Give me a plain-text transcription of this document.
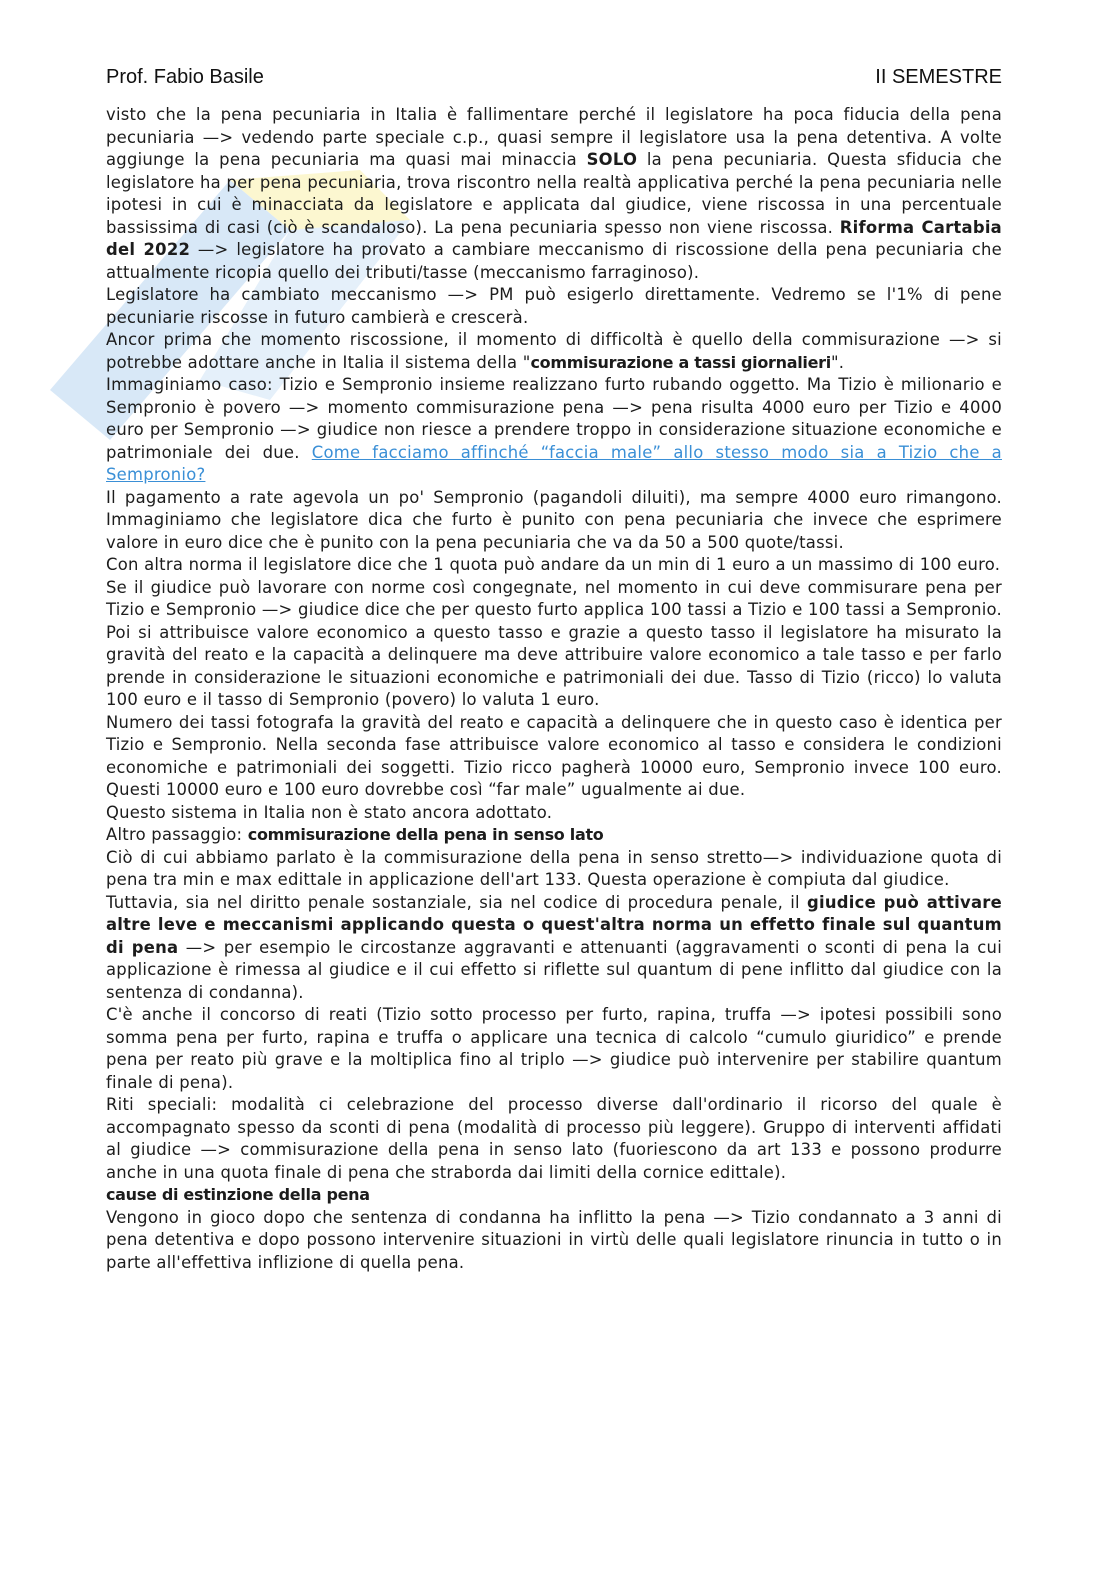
Prof. Fabio Basile	II SEMESTRE

visto che la pena pecuniaria in Italia è fallimentare perché il legislatore ha poca fiducia della pena pecuniaria —> vedendo parte speciale c.p., quasi sempre il legislatore usa la pena detentiva. A volte aggiunge la pena pecuniaria ma quasi mai minaccia SOLO la pena pecuniaria. Questa sfiducia che legislatore ha per pena pecuniaria, trova riscontro nella realtà applicativa perché la pena pecuniaria nelle ipotesi in cui è minacciata da legislatore e applicata dal giudice, viene riscossa in una percentuale bassissima di casi (ciò è scandaloso). La pena pecuniaria spesso non viene riscossa. Riforma Cartabia del 2022 —> legislatore ha provato a cambiare meccanismo di riscossione della pena pecuniaria che attualmente ricopia quello dei tributi/tasse (meccanismo farraginoso).

Legislatore ha cambiato meccanismo —> PM può esigerlo direttamente. Vedremo se l'1% di pene pecuniarie riscosse in futuro cambierà e crescerà.

Ancor prima che momento riscossione, il momento di difficoltà è quello della commisurazione —> si potrebbe adottare anche in Italia il sistema della "commisurazione a tassi giornalieri".

Immaginiamo caso: Tizio e Sempronio insieme realizzano furto rubando oggetto. Ma Tizio è milionario e Sempronio è povero —> momento commisurazione pena —> pena risulta 4000 euro per Tizio e 4000 euro per Sempronio —> giudice non riesce a prendere troppo in considerazione situazione economiche e patrimoniale dei due. Come facciamo affinché “faccia male” allo stesso modo sia a Tizio che a Sempronio?

Il pagamento a rate agevola un po' Sempronio (pagandoli diluiti), ma sempre 4000 euro rimangono. Immaginiamo che legislatore dica che furto è punito con pena pecuniaria che invece che esprimere valore in euro dice che è punito con la pena pecuniaria che va da 50 a 500 quote/tassi.

Con altra norma il legislatore dice che 1 quota può andare da un min di 1 euro a un massimo di 100 euro.

Se il giudice può lavorare con norme così congegnate, nel momento in cui deve commisurare pena per Tizio e Sempronio —> giudice dice che per questo furto applica 100 tassi a Tizio e 100 tassi a Sempronio. Poi si attribuisce valore economico a questo tasso e grazie a questo tasso il legislatore ha misurato la gravità del reato e la capacità a delinquere ma deve attribuire valore economico a tale tasso e per farlo prende in considerazione le situazioni economiche e patrimoniali dei due. Tasso di Tizio (ricco) lo valuta 100 euro e il tasso di Sempronio (povero) lo valuta 1 euro.

Numero dei tassi fotografa la gravità del reato e capacità a delinquere che in questo caso è identica per Tizio e Sempronio. Nella seconda fase attribuisce valore economico al tasso e considera le condizioni economiche e patrimoniali dei soggetti. Tizio ricco pagherà 10000 euro, Sempronio invece 100 euro. Questi 10000 euro e 100 euro dovrebbe così “far male” ugualmente ai due.

Questo sistema in Italia non è stato ancora adottato.

Altro passaggio: commisurazione della pena in senso lato

Ciò di cui abbiamo parlato è la commisurazione della pena in senso stretto—> individuazione quota di pena tra min e max edittale in applicazione dell'art 133. Questa operazione è compiuta dal giudice.

Tuttavia, sia nel diritto penale sostanziale, sia nel codice di procedura penale, il giudice può attivare altre leve e meccanismi applicando questa o quest'altra norma un effetto finale sul quantum di pena —> per esempio le circostanze aggravanti e attenuanti (aggravamenti o sconti di pena la cui applicazione è rimessa al giudice e il cui effetto si riflette sul quantum di pene inflitto dal giudice con la sentenza di condanna).

C'è anche il concorso di reati (Tizio sotto processo per furto, rapina, truffa —> ipotesi possibili sono somma pena per furto, rapina e truffa o applicare una tecnica di calcolo “cumulo giuridico” e prende pena per reato più grave e la moltiplica fino al triplo —> giudice può intervenire per stabilire quantum finale di pena).

Riti speciali: modalità ci celebrazione del processo diverse dall'ordinario il ricorso del quale è accompagnato spesso da sconti di pena (modalità di processo più leggere). Gruppo di interventi affidati al giudice —> commisurazione della pena in senso lato (fuoriescono da art 133 e possono produrre anche in una quota finale di pena che straborda dai limiti della cornice edittale).

cause di estinzione della pena

Vengono in gioco dopo che sentenza di condanna ha inflitto la pena —> Tizio condannato a 3 anni di pena detentiva e dopo possono intervenire situazioni in virtù delle quali legislatore rinuncia in tutto o in parte all'effettiva inflizione di quella pena.
